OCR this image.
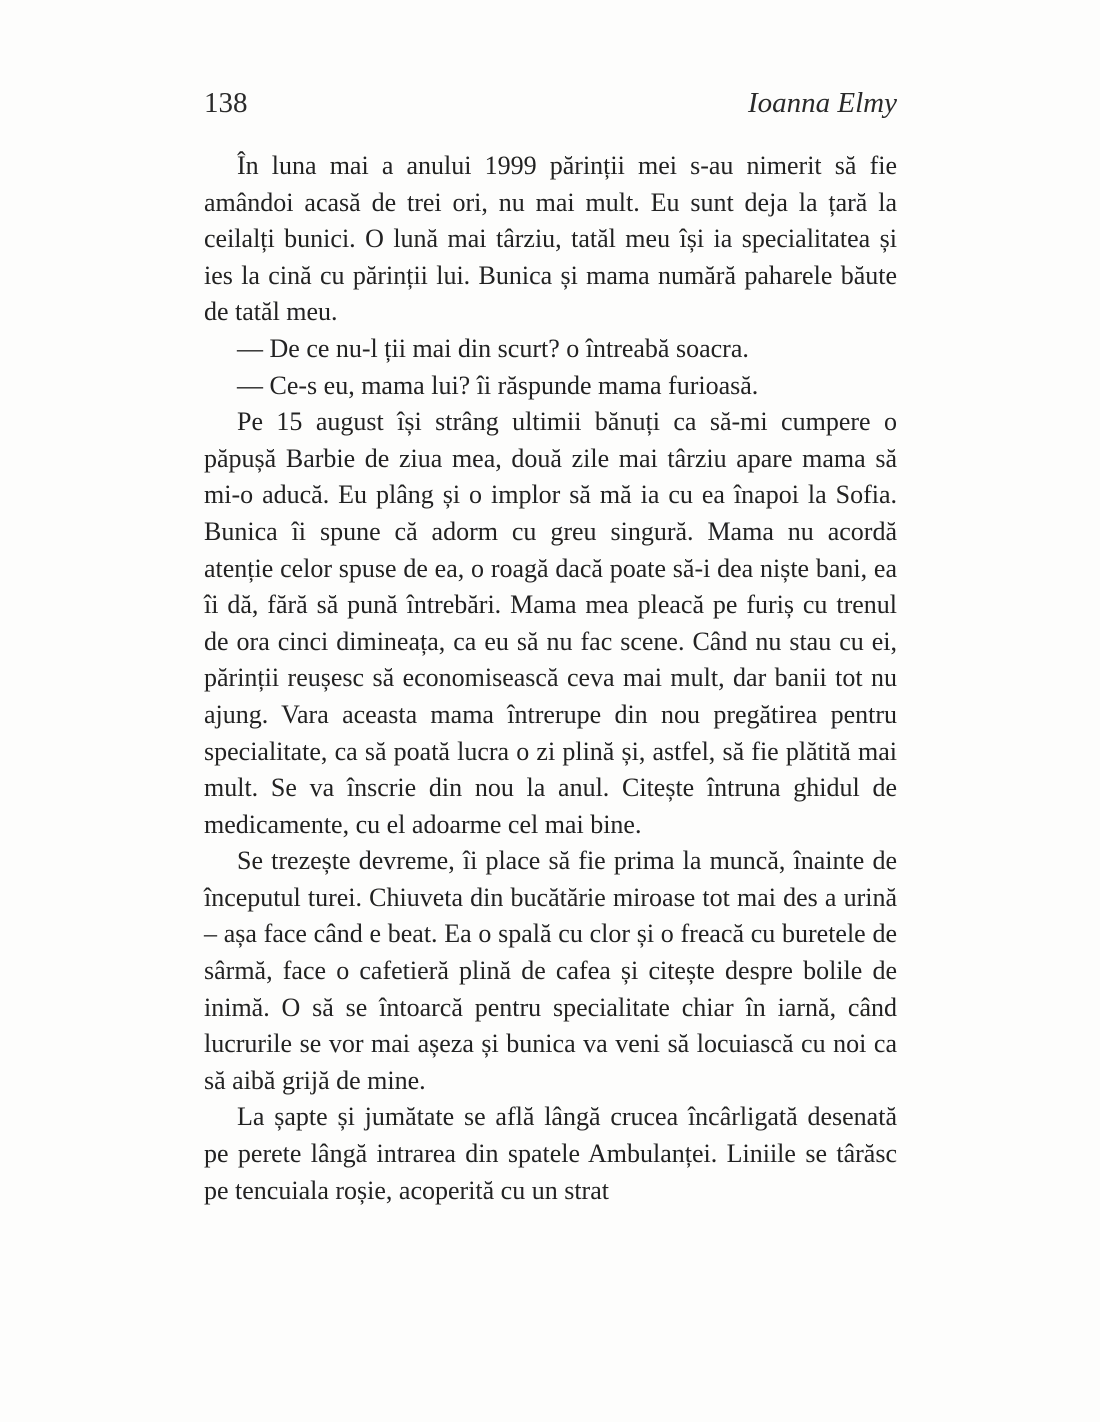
138	Ioanna Elmy

În luna mai a anului 1999 părinții mei s-au nimerit să fie amândoi acasă de trei ori, nu mai mult. Eu sunt deja la țară la ceilalți bunici. O lună mai târziu, tatăl meu își ia specialitatea și ies la cină cu părinții lui. Bunica și mama numără paharele băute de tatăl meu.

— De ce nu-l ții mai din scurt? o întreabă soacra.

— Ce-s eu, mama lui? îi răspunde mama furioasă.

Pe 15 august își strâng ultimii bănuți ca să-mi cumpere o păpușă Barbie de ziua mea, două zile mai târziu apare mama să mi-o aducă. Eu plâng și o implor să mă ia cu ea înapoi la Sofia. Bunica îi spune că adorm cu greu singură. Mama nu acordă atenție celor spuse de ea, o roagă dacă poate să-i dea niște bani, ea îi dă, fără să pună întrebări. Mama mea pleacă pe furiș cu trenul de ora cinci dimineața, ca eu să nu fac scene. Când nu stau cu ei, părinții reușesc să economisească ceva mai mult, dar banii tot nu ajung. Vara aceasta mama întrerupe din nou pregătirea pentru specialitate, ca să poată lucra o zi plină și, astfel, să fie plătită mai mult. Se va înscrie din nou la anul. Citește întruna ghidul de medicamente, cu el adoarme cel mai bine.

Se trezește devreme, îi place să fie prima la muncă, înainte de începutul turei. Chiuveta din bucătărie miroase tot mai des a urină – așa face când e beat. Ea o spală cu clor și o freacă cu buretele de sârmă, face o cafetieră plină de cafea și citește despre bolile de inimă. O să se întoarcă pentru specialitate chiar în iarnă, când lucrurile se vor mai așeza și bunica va veni să locuiască cu noi ca să aibă grijă de mine.

La șapte și jumătate se află lângă crucea încârligată desenată pe perete lângă intrarea din spatele Ambulanței. Liniile se târăsc pe tencuiala roșie, acoperită cu un strat
